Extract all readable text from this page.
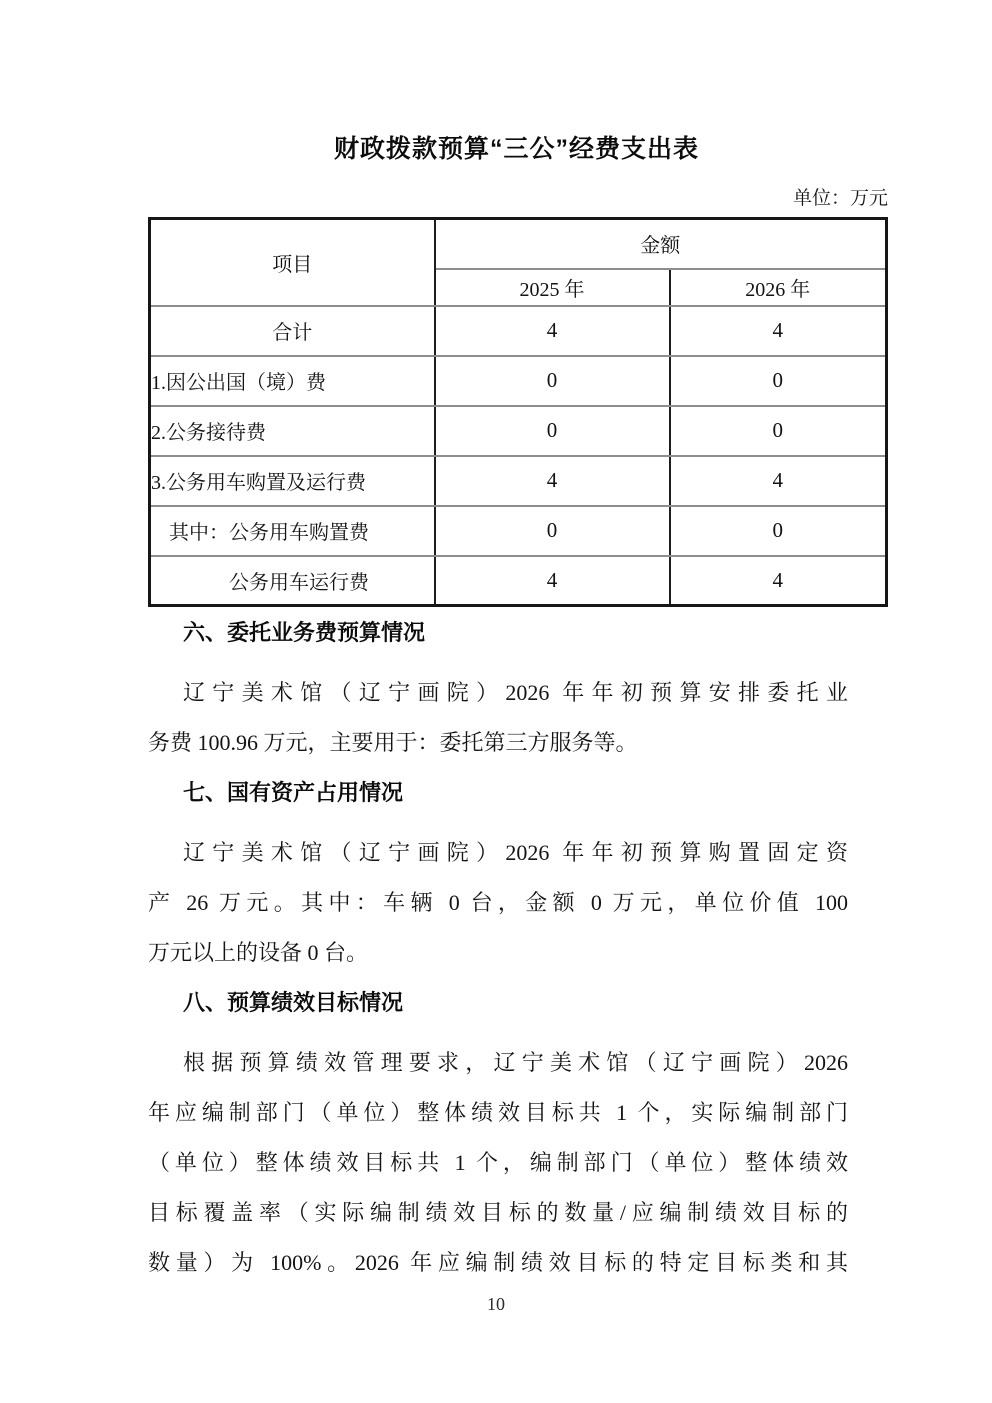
财政拨款预算“三公”经费支出表
单位：万元
项目	金额	
	2025 年	2026 年
合计	4	4
1.因公出国（境）费	0	0
2.公务接待费	0	0
3.公务用车购置及运行费	4	4
其中：公务用车购置费	0	0
公务用车运行费	4	4
六、委托业务费预算情况
辽宁美术馆（辽宁画院）2026 年年初预算安排委托业
务费 100.96 万元，主要用于：委托第三方服务等。
七、国有资产占用情况
辽宁美术馆（辽宁画院）2026 年年初预算购置固定资
产 26 万元。其中：车辆 0 台，金额 0 万元，单位价值 100
万元以上的设备 0 台。
八、预算绩效目标情况
根据预算绩效管理要求，辽宁美术馆（辽宁画院）2026
年应编制部门（单位）整体绩效目标共 1 个，实际编制部门
（单位）整体绩效目标共 1 个，编制部门（单位）整体绩效
目标覆盖率（实际编制绩效目标的数量/应编制绩效目标的
数量）为 100%。2026 年应编制绩效目标的特定目标类和其
10
